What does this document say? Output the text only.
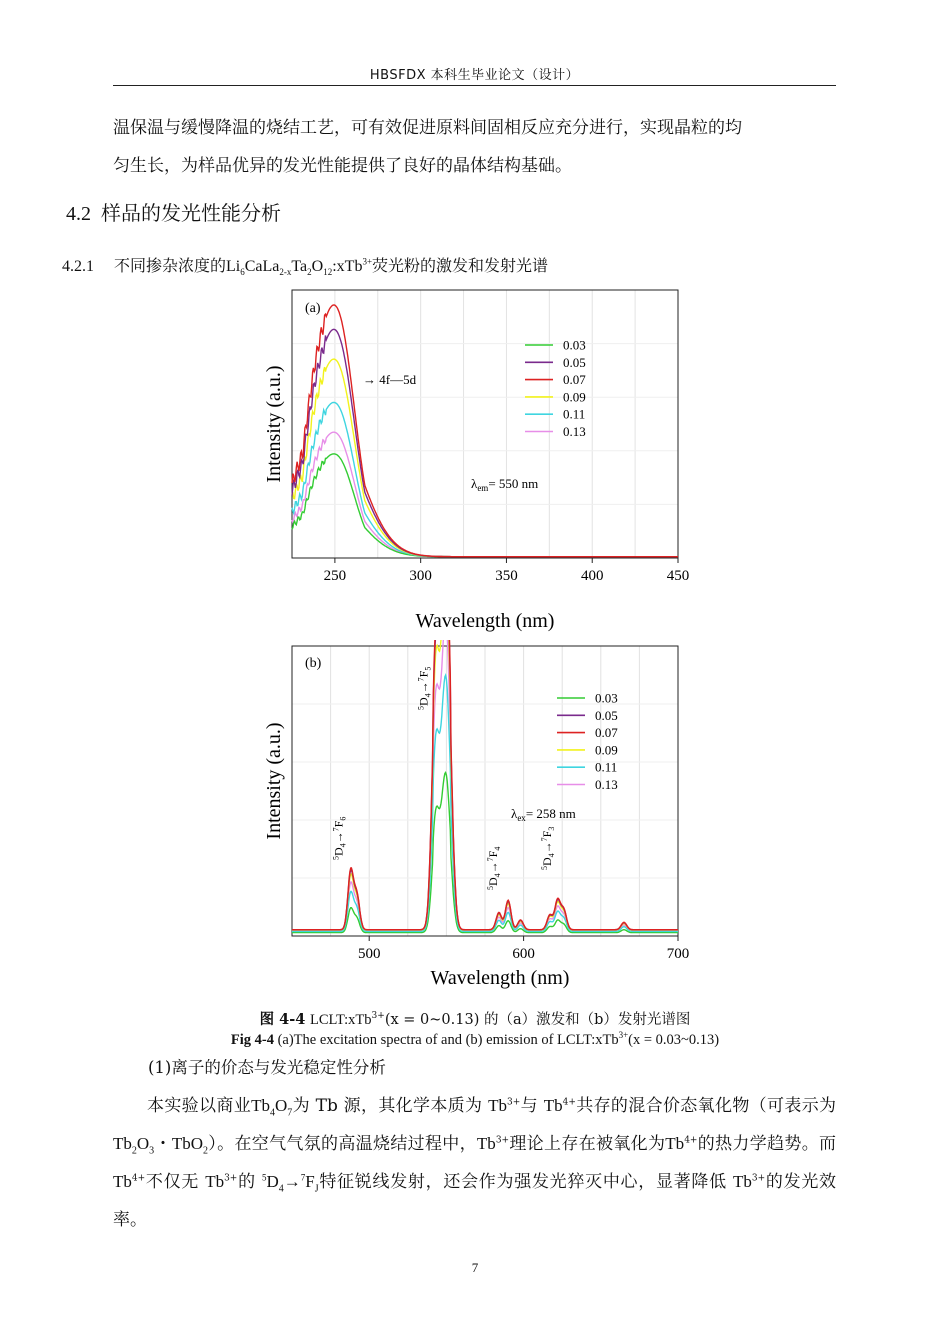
HBSFDX 本科生毕业论文（设计）

温保温与缓慢降温的烧结工艺，可有效促进原料间固相反应充分进行，实现晶粒的均

匀生长，为样品优异的发光性能提供了良好的晶体结构基础。

4.2 样品的发光性能分析
4.2.1 不同掺杂浓度的$Li_6CaLa_{2-x}Ta_2O_{12}:xTb^{3+}$荧光粉的激发和发射光谱
250	300	350	400	450
(a)
→ 4f—5d
$\lambda_{em}= 550$ nm
0.03
0.05
0.07
0.09
0.11
0.13
Wavelength (nm)
Intensity (a.u.)
500	600	700
(b)
$^5D_4\to^7F_6$
$^5D_4\to^7F_5$
$^5D_4\to^7F_4$
$^5D_4\to^7F_3$
$\lambda_{ex}= 258$ nm
0.03
0.05
0.07
0.09
0.11
0.13
Wavelength (nm)
Intensity (a.u.)
图 4-4 LCLT:xTb$^{3+}$(x = 0~0.13) 的（a）激发和（b）发射光谱图
Fig 4-4 (a)The excitation spectra of and (b) emission of LCLT:xTb$^{3+}$(x = 0.03~0.13)
(1)离子的价态与发光稳定性分析

本实验以商业$Tb_4O_7$为 Tb 源，其化学本质为 $Tb^{3+}$与 $Tb^{4+}$共存的混合价态氧化物（可表示为$Tb_2O_3$・TbO$_2$）。在空气气氛的高温烧结过程中，$Tb^{3+}$理论上存在被氧化为$Tb^{4+}$的热力学趋势。而 $Tb^{4+}$不仅无 $Tb^{3+}$的 $^5D_4\to^7F_J$特征锐线发射，还会作为强发光猝灭中心，显著降低 $Tb^{3+}$的发光效率。

7
